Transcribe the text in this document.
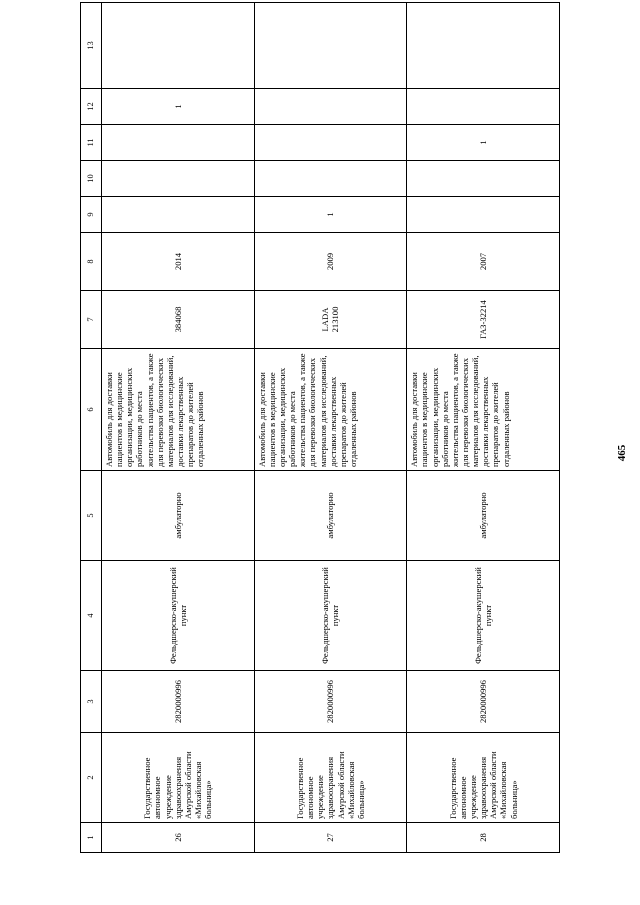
465
1	2	3	4	5	6	7	8	9	10	11	12	13
26	Государственное автономное учреждение здравоохранения Амурской области «Михайловская больница»	2820000996	Фельдшерско-акушерский пункт	амбулаторно	Автомобиль для доставки пациентов в медицинские организации, медицинских работников до места жительства пациентов, а также для перевозки биологических материалов для исследований, доставки лекарственных препаратов до жителей отдаленных районов	384068	2014				1	
27	Государственное автономное учреждение здравоохранения Амурской области «Михайловская больница»	2820000996	Фельдшерско-акушерский пункт	амбулаторно	Автомобиль для доставки пациентов в медицинские организации, медицинских работников до места жительства пациентов, а также для перевозки биологических материалов для исследований, доставки лекарственных препаратов до жителей отдаленных районов	LADA 213100	2009	1				
28	Государственное автономное учреждение здравоохранения Амурской области «Михайловская больница»	2820000996	Фельдшерско-акушерский пункт	амбулаторно	Автомобиль для доставки пациентов в медицинские организации, медицинских работников до места жительства пациентов, а также для перевозки биологических материалов для исследований, доставки лекарственных препаратов до жителей отдаленных районов	ГАЗ-32214	2007			1		
